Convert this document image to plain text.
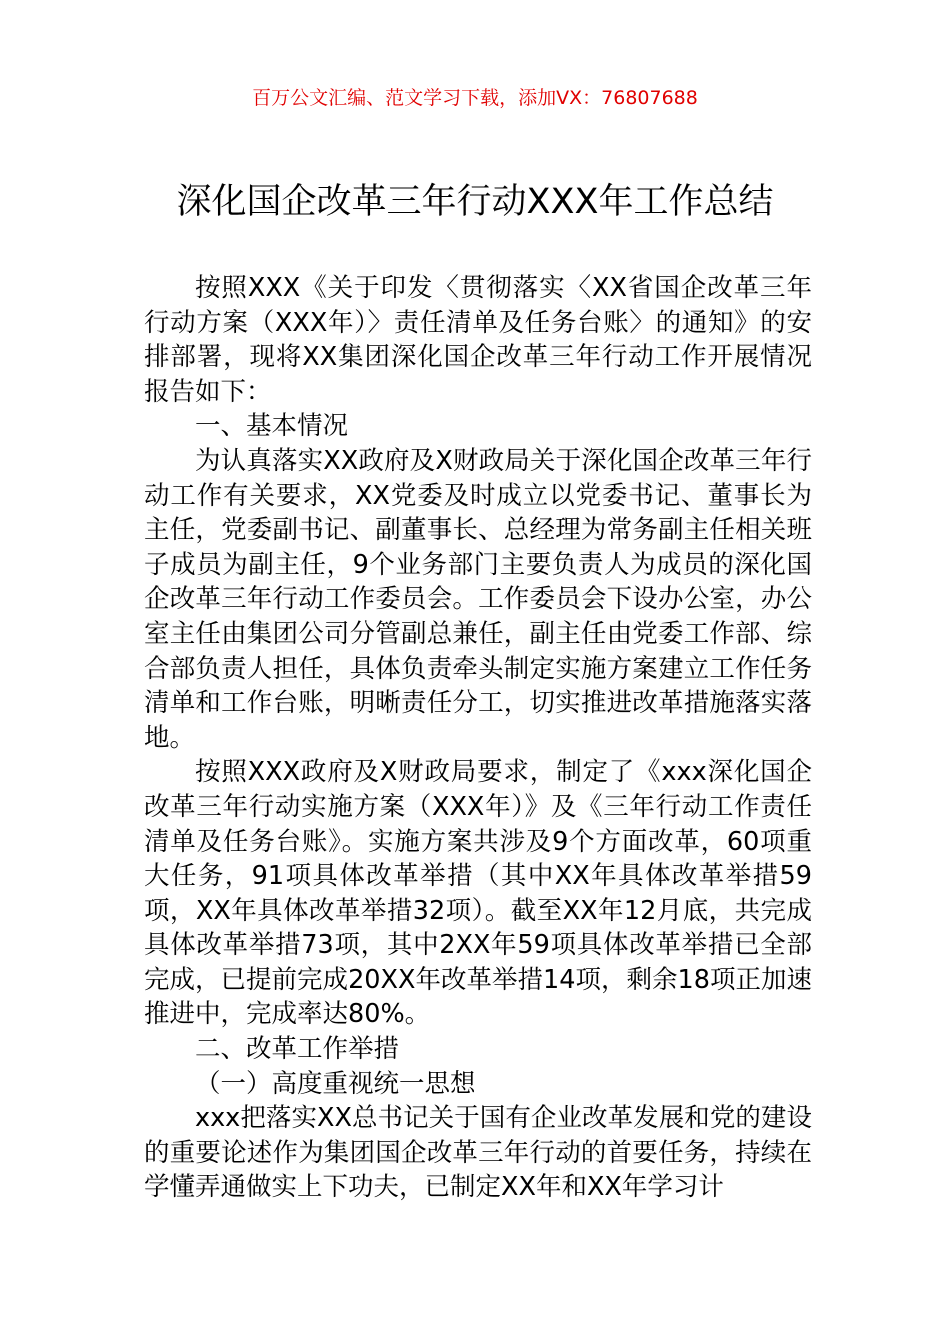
百万公文汇编、范文学习下载，添加VX：76807688
深化国企改革三年行动XXX年工作总结

按照XXX《关于印发〈贯彻落实〈XX省国企改革三年行动方案（XXX年）〉责任清单及任务台账〉的通知》的安排部署，现将XX集团深化国企改革三年行动工作开展情况报告如下：

一、基本情况

为认真落实XX政府及X财政局关于深化国企改革三年行动工作有关要求，XX党委及时成立以党委书记、董事长为主任，党委副书记、副董事长、总经理为常务副主任相关班子成员为副主任，9个业务部门主要负责人为成员的深化国企改革三年行动工作委员会。工作委员会下设办公室，办公室主任由集团公司分管副总兼任，副主任由党委工作部、综合部负责人担任，具体负责牵头制定实施方案建立工作任务清单和工作台账，明晰责任分工，切实推进改革措施落实落地。

按照XXX政府及X财政局要求，制定了《xxx深化国企改革三年行动实施方案（XXX年）》及《三年行动工作责任清单及任务台账》。实施方案共涉及9个方面改革，60项重大任务，91项具体改革举措（其中XX年具体改革举措59项，XX年具体改革举措32项）。截至XX年12月底，共完成具体改革举措73项，其中2XX年59项具体改革举措已全部完成，已提前完成20XX年改革举措14项，剩余18项正加速推进中，完成率达80%。

二、改革工作举措

（一）高度重视统一思想

xxx把落实XX总书记关于国有企业改革发展和党的建设的重要论述作为集团国企改革三年行动的首要任务，持续在学懂弄通做实上下功夫，已制定XX年和XX年学习计
